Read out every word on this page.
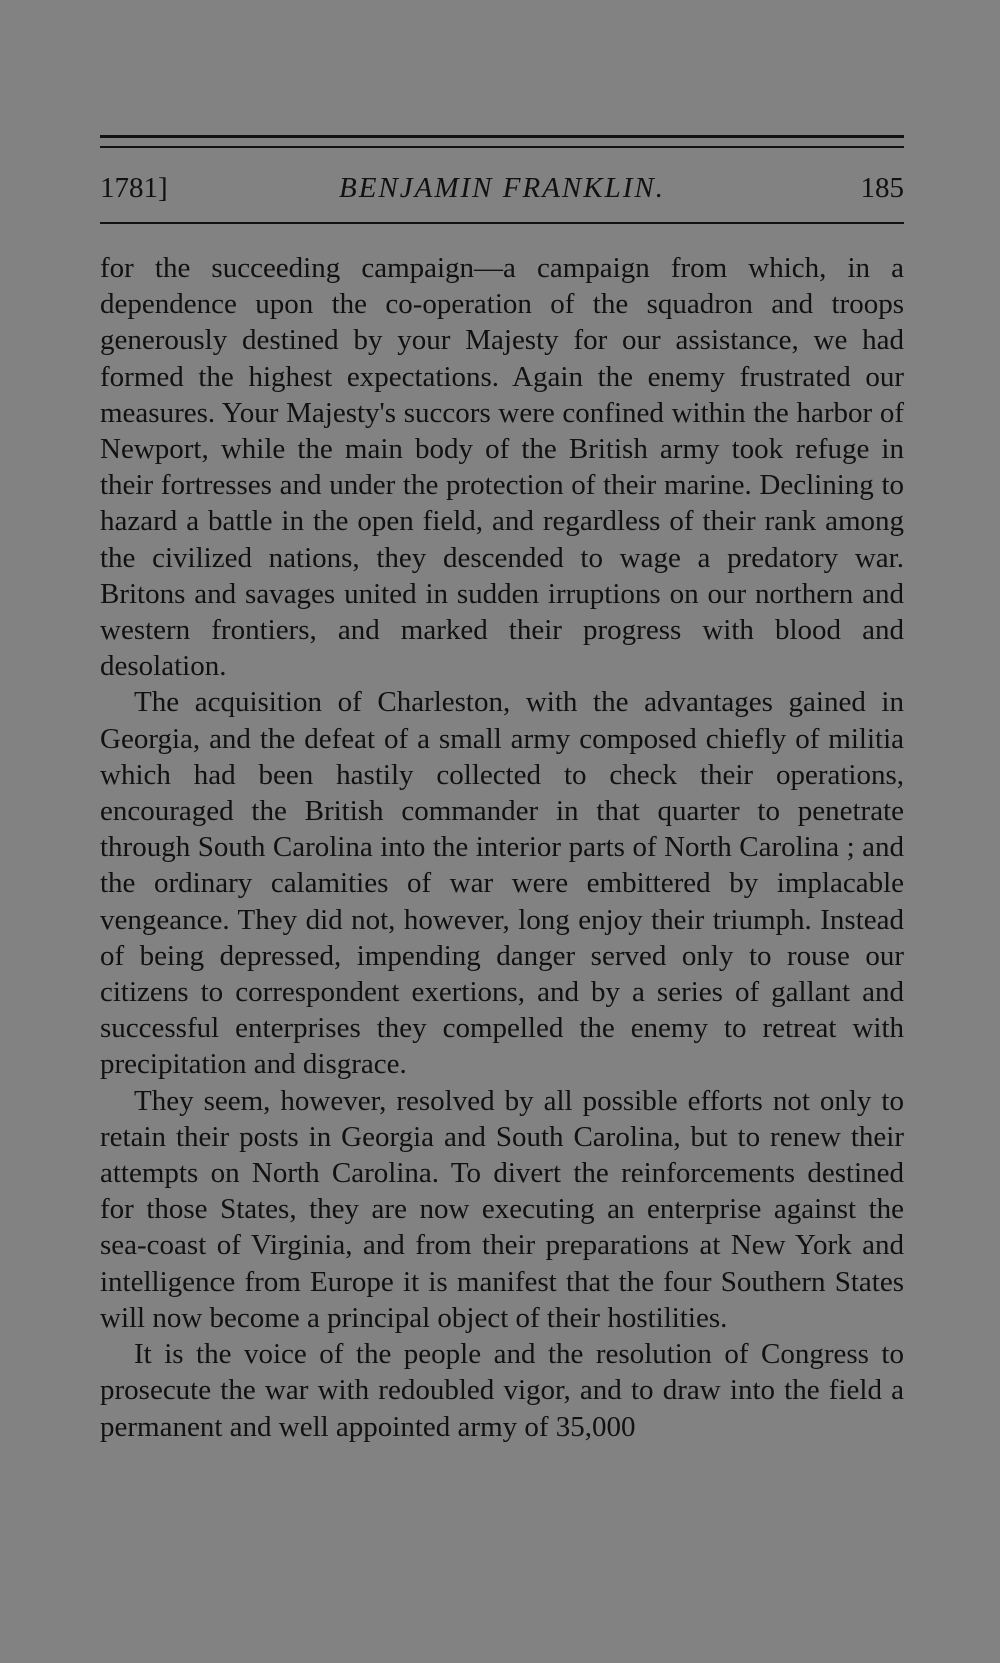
1781]	BENJAMIN FRANKLIN.	185

for the succeeding campaign—a campaign from which, in a dependence upon the co-operation of the squadron and troops generously destined by your Majesty for our assistance, we had formed the highest expectations. Again the enemy frustrated our measures. Your Majesty's succors were confined within the harbor of Newport, while the main body of the British army took refuge in their fortresses and under the protection of their marine. Declining to hazard a battle in the open field, and regardless of their rank among the civilized nations, they descended to wage a predatory war. Britons and savages united in sudden irruptions on our northern and western frontiers, and marked their progress with blood and desolation.

The acquisition of Charleston, with the advantages gained in Georgia, and the defeat of a small army composed chiefly of militia which had been hastily collected to check their operations, encouraged the British commander in that quarter to penetrate through South Carolina into the interior parts of North Carolina ; and the ordinary calamities of war were embittered by implacable vengeance. They did not, however, long enjoy their triumph. Instead of being depressed, impending danger served only to rouse our citizens to correspondent exertions, and by a series of gallant and successful enterprises they compelled the enemy to retreat with precipitation and disgrace.

They seem, however, resolved by all possible efforts not only to retain their posts in Georgia and South Carolina, but to renew their attempts on North Carolina. To divert the reinforcements destined for those States, they are now executing an enterprise against the sea-coast of Virginia, and from their preparations at New York and intelligence from Europe it is manifest that the four Southern States will now become a principal object of their hostilities.

It is the voice of the people and the resolution of Congress to prosecute the war with redoubled vigor, and to draw into the field a permanent and well appointed army of 35,000
